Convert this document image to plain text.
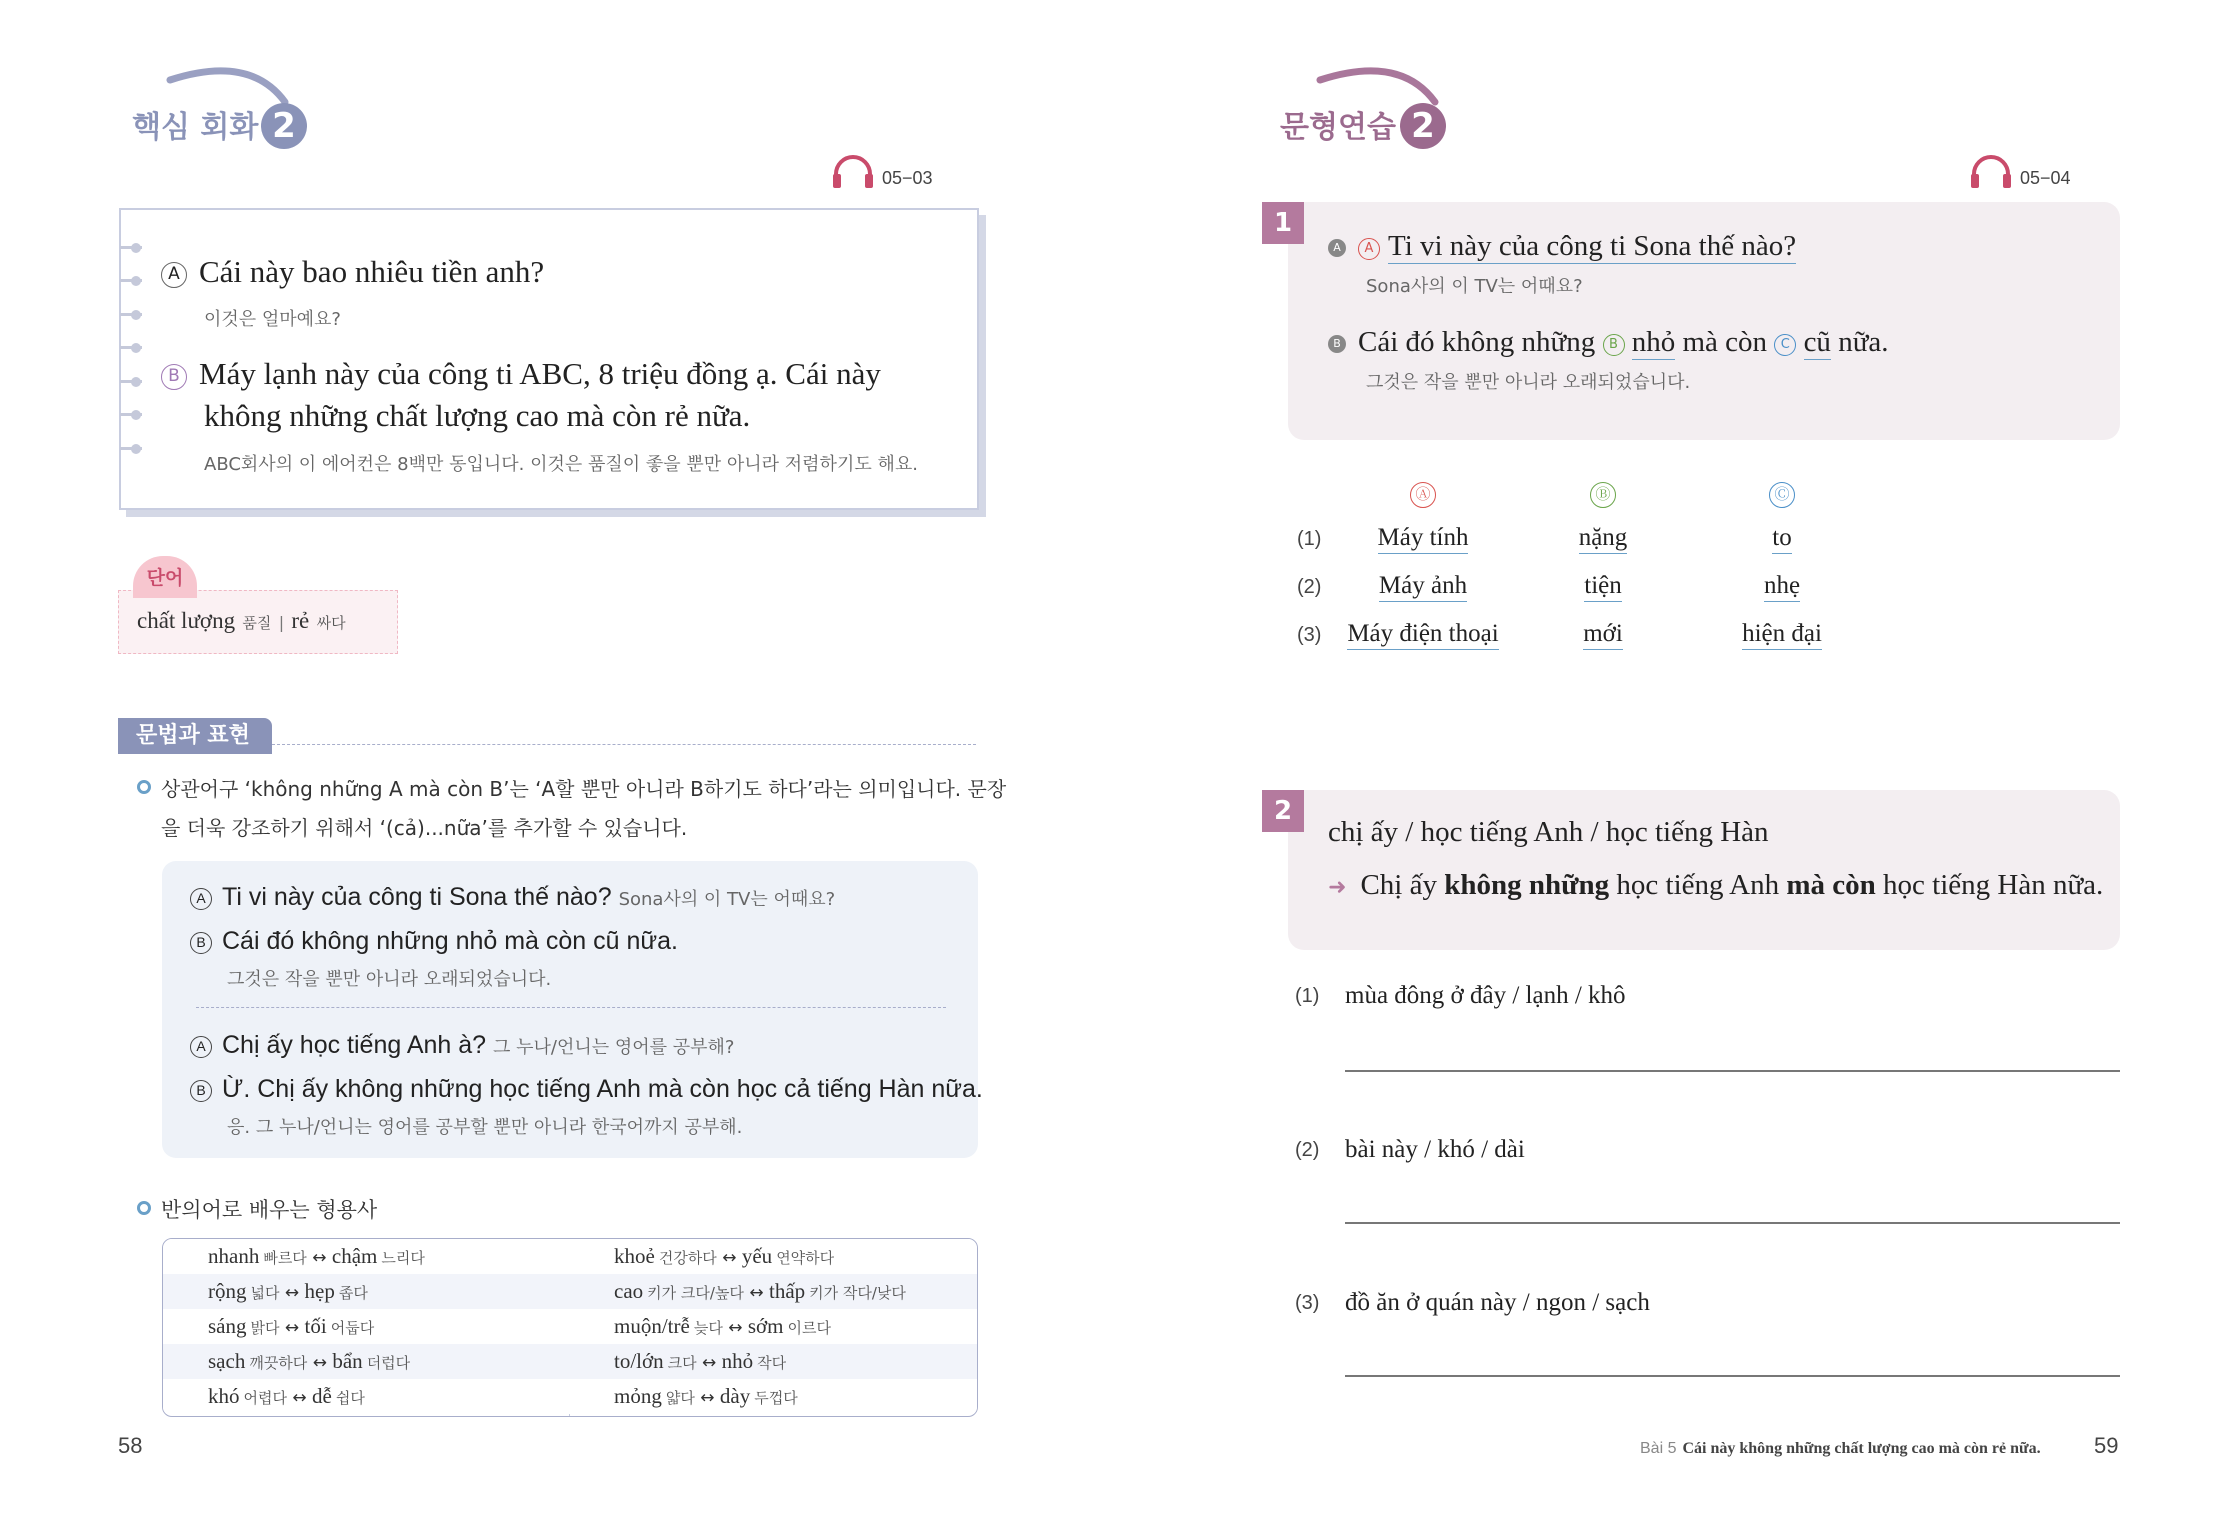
핵심 회화 2
05−03
A Cái này bao nhiêu tiền anh?
이것은 얼마예요?
B Máy lạnh này của công ti ABC, 8 triệu đồng ạ. Cái này
không những chất lượng cao mà còn rẻ nữa.
ABC회사의 이 에어컨은 8백만 동입니다. 이것은 품질이 좋을 뿐만 아니라 저렴하기도 해요.
단어
chất lượng 품질 | rẻ 싸다
문법과 표현
상관어구 ‘không những A mà còn B’는 ‘A할 뿐만 아니라 B하기도 하다’라는 의미입니다. 문장
을 더욱 강조하기 위해서 ‘(cả)...nữa’를 추가할 수 있습니다.
A Ti vi này của công ti Sona thế nào? Sona사의 이 TV는 어때요?
B Cái đó không những nhỏ mà còn cũ nữa.
그것은 작을 뿐만 아니라 오래되었습니다.
A Chị ấy học tiếng Anh à? 그 누나/언니는 영어를 공부해?
B Ừ. Chị ấy không những học tiếng Anh mà còn học cả tiếng Hàn nữa.
응. 그 누나/언니는 영어를 공부할 뿐만 아니라 한국어까지 공부해.
반의어로 배우는 형용사
nhanh 빠르다 ↔ chậm 느리다	khoẻ 건강하다 ↔ yếu 연약하다
rộng 넓다 ↔ hẹp 좁다	cao 키가 크다/높다 ↔ thấp 키가 작다/낮다
sáng 밝다 ↔ tối 어둡다	muộn/trễ 늦다 ↔ sớm 이르다
sạch 깨끗하다 ↔ bẩn 더럽다	to/lớn 크다 ↔ nhỏ 작다
khó 어렵다 ↔ dễ 쉽다	mỏng 얇다 ↔ dày 두껍다
58
문형연습 2
05−04
1
A A Ti vi này của công ti Sona thế nào?
Sona사의 이 TV는 어때요?
B Cái đó không những B nhỏ mà còn C cũ nữa.
그것은 작을 뿐만 아니라 오래되었습니다.
Ⓐ	Ⓑ	Ⓒ
(1)	Máy tính	nặng	to
(2)	Máy ảnh	tiện	nhẹ
(3)	Máy điện thoại	mới	hiện đại
2
chị ấy / học tiếng Anh / học tiếng Hàn
➜ Chị ấy không những học tiếng Anh mà còn học tiếng Hàn nữa.
(1) mùa đông ở đây / lạnh / khô
(2) bài này / khó / dài
(3) đồ ăn ở quán này / ngon / sạch
Bài 5 Cái này không những chất lượng cao mà còn rẻ nữa. 59
